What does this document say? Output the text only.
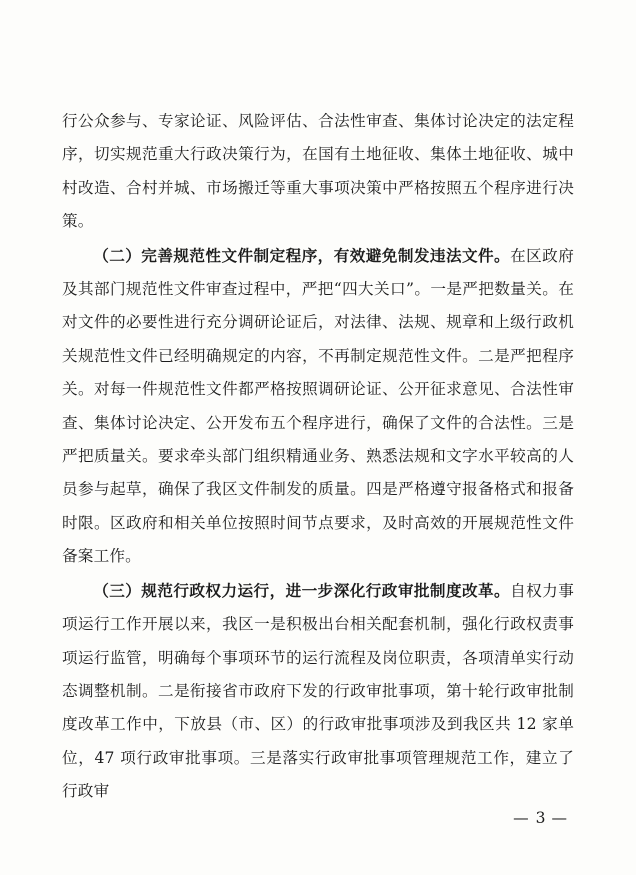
行公众参与、专家论证、风险评估、合法性审查、集体讨论决定的法定程序，切实规范重大行政决策行为，在国有土地征收、集体土地征收、城中村改造、合村并城、市场搬迁等重大事项决策中严格按照五个程序进行决策。

（二）完善规范性文件制定程序，有效避免制发违法文件。在区政府及其部门规范性文件审查过程中，严把“四大关口”。一是严把数量关。在对文件的必要性进行充分调研论证后，对法律、法规、规章和上级行政机关规范性文件已经明确规定的内容，不再制定规范性文件。二是严把程序关。对每一件规范性文件都严格按照调研论证、公开征求意见、合法性审查、集体讨论决定、公开发布五个程序进行，确保了文件的合法性。三是严把质量关。要求牵头部门组织精通业务、熟悉法规和文字水平较高的人员参与起草，确保了我区文件制发的质量。四是严格遵守报备格式和报备时限。区政府和相关单位按照时间节点要求，及时高效的开展规范性文件备案工作。

（三）规范行政权力运行，进一步深化行政审批制度改革。自权力事项运行工作开展以来，我区一是积极出台相关配套机制，强化行政权责事项运行监管，明确每个事项环节的运行流程及岗位职责，各项清单实行动态调整机制。二是衔接省市政府下发的行政审批事项，第十轮行政审批制度改革工作中，下放县（市、区）的行政审批事项涉及到我区共 12 家单位，47 项行政审批事项。三是落实行政审批事项管理规范工作，建立了行政审

— 3 —
